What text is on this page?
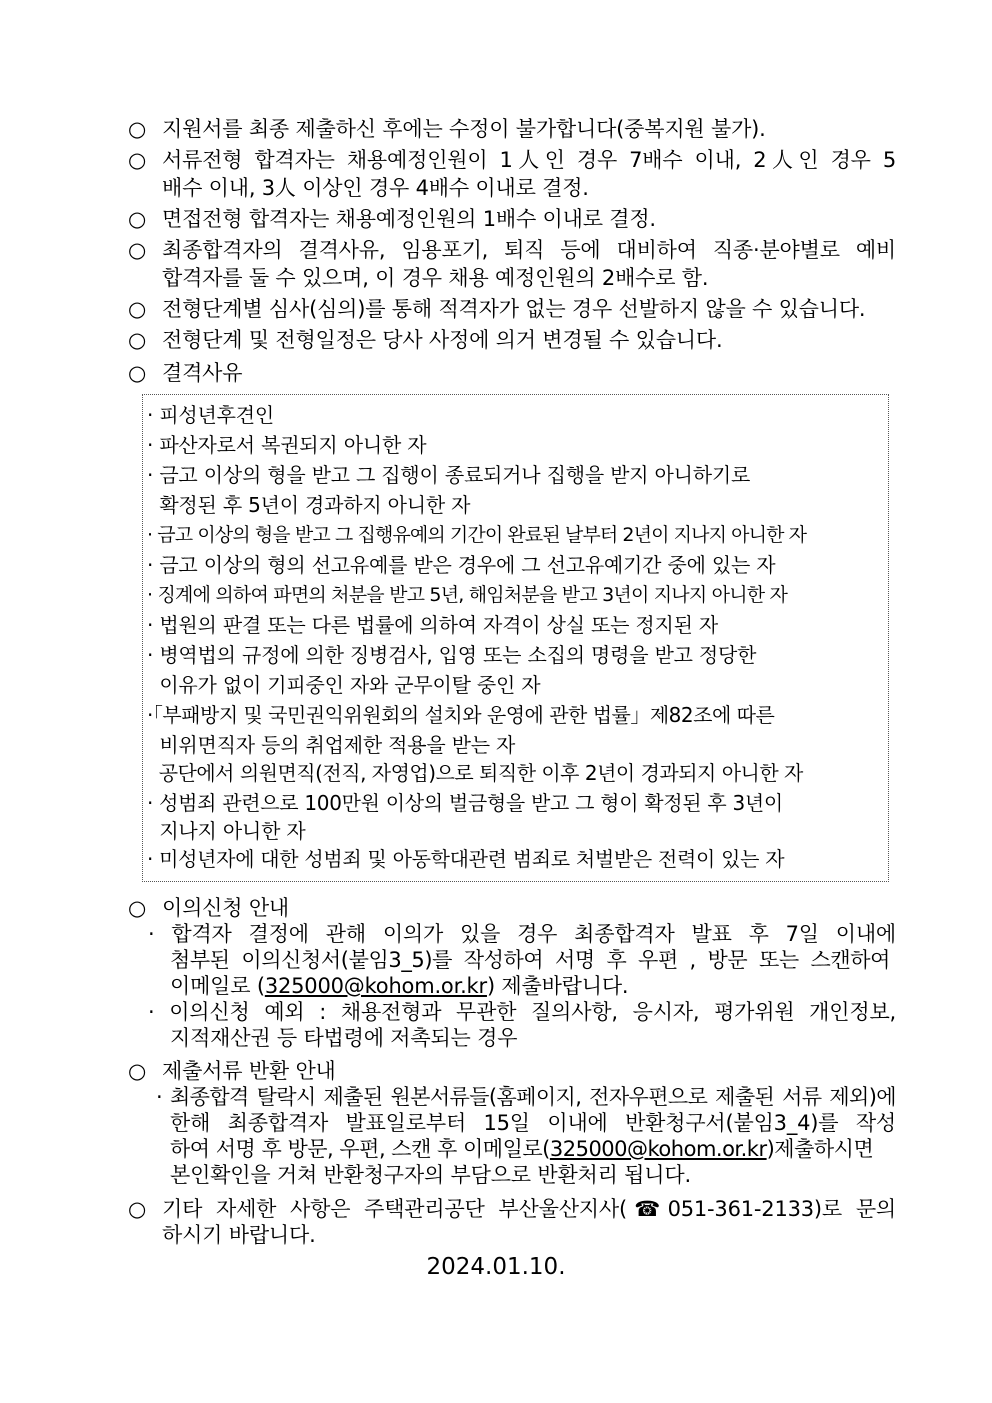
○ 지원서를 최종 제출하신 후에는 수정이 불가합니다(중복지원 불가).
○ 서류전형 합격자는 채용예정인원이 1人인 경우 7배수 이내, 2人인 경우 5
배수 이내, 3人 이상인 경우 4배수 이내로 결정.
○ 면접전형 합격자는 채용예정인원의 1배수 이내로 결정.
○ 최종합격자의 결격사유, 임용포기, 퇴직 등에 대비하여 직종·분야별로 예비
합격자를 둘 수 있으며, 이 경우 채용 예정인원의 2배수로 함.
○ 전형단계별 심사(심의)를 통해 적격자가 없는 경우 선발하지 않을 수 있습니다.
○ 전형단계 및 전형일정은 당사 사정에 의거 변경될 수 있습니다.
○ 결격사유
· 피성년후견인
· 파산자로서 복권되지 아니한 자
· 금고 이상의 형을 받고 그 집행이 종료되거나 집행을 받지 아니하기로
확정된 후 5년이 경과하지 아니한 자
· 금고 이상의 형을 받고 그 집행유예의 기간이 완료된 날부터 2년이 지나지 아니한 자
· 금고 이상의 형의 선고유예를 받은 경우에 그 선고유예기간 중에 있는 자
· 징계에 의하여 파면의 처분을 받고 5년, 해임처분을 받고 3년이 지나지 아니한 자
· 법원의 판결 또는 다른 법률에 의하여 자격이 상실 또는 정지된 자
· 병역법의 규정에 의한 징병검사, 입영 또는 소집의 명령을 받고 정당한
이유가 없이 기피중인 자와 군무이탈 중인 자
·「부패방지 및 국민권익위원회의 설치와 운영에 관한 법률」제82조에 따른
비위면직자 등의 취업제한 적용을 받는 자
공단에서 의원면직(전직, 자영업)으로 퇴직한 이후 2년이 경과되지 아니한 자
· 성범죄 관련으로 100만원 이상의 벌금형을 받고 그 형이 확정된 후 3년이
지나지 아니한 자
· 미성년자에 대한 성범죄 및 아동학대관련 범죄로 처벌받은 전력이 있는 자
○ 이의신청 안내
· 합격자 결정에 관해 이의가 있을 경우 최종합격자 발표 후 7일 이내에
첨부된 이의신청서(붙임3_5)를 작성하여 서명 후 우편 , 방문 또는 스캔하여
이메일로 (325000@kohom.or.kr) 제출바랍니다.
· 이의신청 예외 : 채용전형과 무관한 질의사항, 응시자, 평가위원 개인정보,
지적재산권 등 타법령에 저촉되는 경우
○ 제출서류 반환 안내
· 최종합격 탈락시 제출된 원본서류들(홈페이지, 전자우편으로 제출된 서류 제외)에
한해 최종합격자 발표일로부터 15일 이내에 반환청구서(붙임3_4)를 작성
하여 서명 후 방문, 우편, 스캔 후 이메일로(325000@kohom.or.kr)제출하시면
본인확인을 거쳐 반환청구자의 부담으로 반환처리 됩니다.
○ 기타 자세한 사항은 주택관리공단 부산울산지사(☎051-361-2133)로 문의
하시기 바랍니다.
2024.01.10.
